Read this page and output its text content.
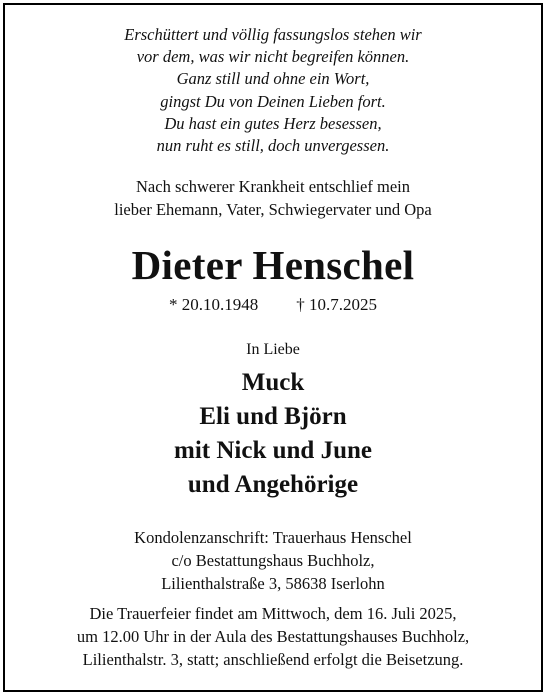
Erschüttert und völlig fassungslos stehen wir
vor dem, was wir nicht begreifen können.
Ganz still und ohne ein Wort,
gingst Du von Deinen Lieben fort.
Du hast ein gutes Herz besessen,
nun ruht es still, doch unvergessen.
Nach schwerer Krankheit entschlief mein
lieber Ehemann, Vater, Schwiegervater und Opa
Dieter Henschel
* 20.10.1948 † 10.7.2025
In Liebe
Muck
Eli und Björn
mit Nick und June
und Angehörige
Kondolenzanschrift: Trauerhaus Henschel
c/o Bestattungshaus Buchholz,
Lilienthalstraße 3, 58638 Iserlohn
Die Trauerfeier findet am Mittwoch, dem 16. Juli 2025,
um 12.00 Uhr in der Aula des Bestattungshauses Buchholz,
Lilienthalstr. 3, statt; anschließend erfolgt die Beisetzung.
